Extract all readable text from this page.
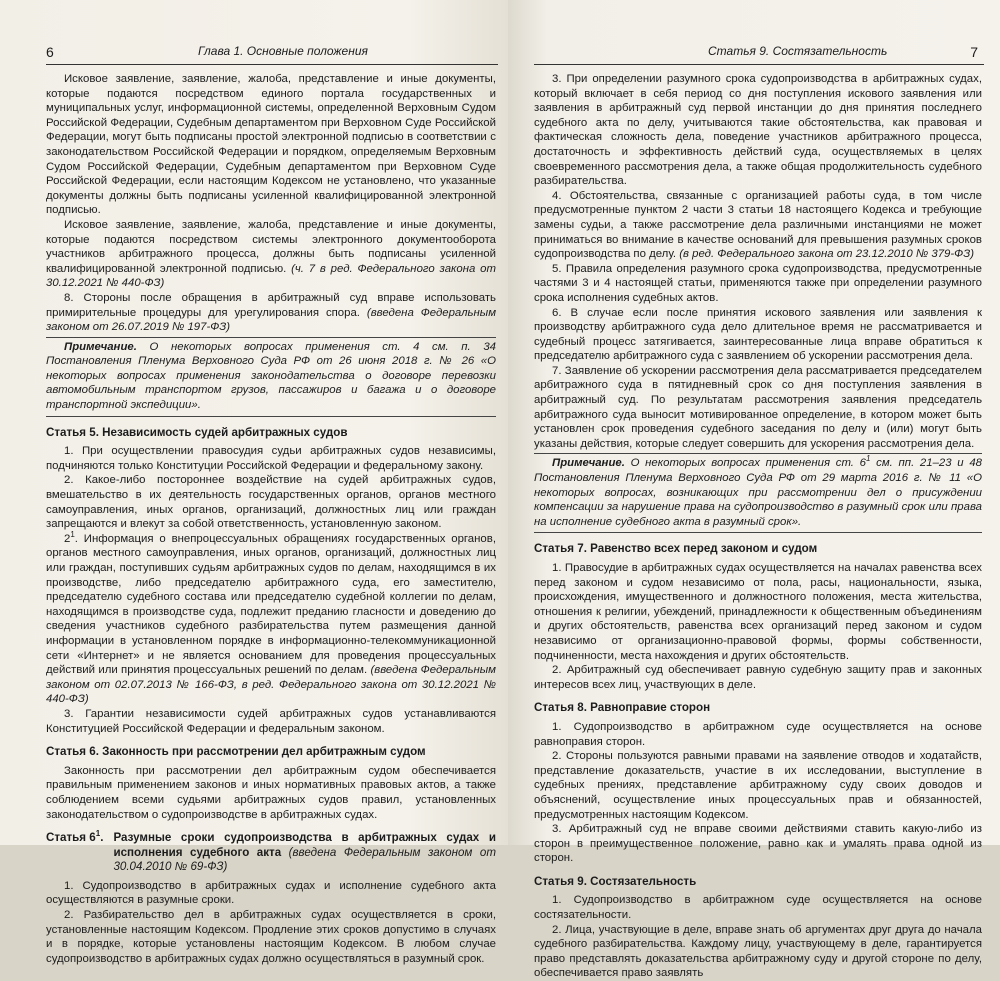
6	Глава 1. Основные положения

Исковое заявление, заявление, жалоба, представление и иные документы, которые подаются посредством единого портала государственных и муниципальных услуг, информационной системы, определенной Верховным Судом Российской Федерации, Судебным департаментом при Верховном Суде Российской Федерации, могут быть подписаны простой электронной подписью в соответствии с законодательством Российской Федерации и порядком, определяемым Верховным Судом Российской Федерации, Судебным департаментом при Верховном Суде Российской Федерации, если настоящим Кодексом не установлено, что указанные документы должны быть подписаны усиленной квалифицированной электронной подписью.

Исковое заявление, заявление, жалоба, представление и иные документы, которые подаются посредством системы электронного документооборота участников арбитражного процесса, должны быть подписаны усиленной квалифицированной электронной подписью. (ч. 7 в ред. Федерального закона от 30.12.2021 № 440-ФЗ)

8. Стороны после обращения в арбитражный суд вправе использовать примирительные процедуры для урегулирования спора. (введена Федеральным законом от 26.07.2019 № 197-ФЗ)

Примечание. О некоторых вопросах применения ст. 4 см. п. 34 Постановления Пленума Верховного Суда РФ от 26 июня 2018 г. № 26 «О некоторых вопросах применения законодательства о договоре перевозки автомобильным транспортом грузов, пассажиров и багажа и о договоре транспортной экспедиции».
Статья 5. Независимость судей арбитражных судов

1. При осуществлении правосудия судьи арбитражных судов независимы, подчиняются только Конституции Российской Федерации и федеральному закону.

2. Какое-либо постороннее воздействие на судей арбитражных судов, вмешательство в их деятельность государственных органов, органов местного самоуправления, иных органов, организаций, должностных лиц или граждан запрещаются и влекут за собой ответственность, установленную законом.

$2^1$. Информация о внепроцессуальных обращениях государственных органов, органов местного самоуправления, иных органов, организаций, должностных лиц или граждан, поступивших судьям арбитражных судов по делам, находящимся в их производстве, либо председателю арбитражного суда, его заместителю, председателю судебного состава или председателю судебной коллегии по делам, находящимся в производстве суда, подлежит преданию гласности и доведению до сведения участников судебного разбирательства путем размещения данной информации в установленном порядке в информационно-телекоммуникационной сети «Интернет» и не является основанием для проведения процессуальных действий или принятия процессуальных решений по делам. (введена Федеральным законом от 02.07.2013 № 166-ФЗ, в ред. Федерального закона от 30.12.2021 № 440-ФЗ)

3. Гарантии независимости судей арбитражных судов устанавливаются Конституцией Российской Федерации и федеральным законом.

Статья 6. Законность при рассмотрении дел арбитражным судом

Законность при рассмотрении дел арбитражным судом обеспечивается правильным применением законов и иных нормативных правовых актов, а также соблюдением всеми судьями арбитражных судов правил, установленных законодательством о судопроизводстве в арбитражных судах.

Статья $6^1$. Разумные сроки судопроизводства в арбитражных судах и исполнения судебного акта (введена Федеральным законом от 30.04.2010 № 69-ФЗ)

1. Судопроизводство в арбитражных судах и исполнение судебного акта осуществляются в разумные сроки.

2. Разбирательство дел в арбитражных судах осуществляется в сроки, установленные настоящим Кодексом. Продление этих сроков допустимо в случаях и в порядке, которые установлены настоящим Кодексом. В любом случае судопроизводство в арбитражных судах должно осуществляться в разумный срок.

Статья 9. Состязательность	7

3. При определении разумного срока судопроизводства в арбитражных судах, который включает в себя период со дня поступления искового заявления или заявления в арбитражный суд первой инстанции до дня принятия последнего судебного акта по делу, учитываются такие обстоятельства, как правовая и фактическая сложность дела, поведение участников арбитражного процесса, достаточность и эффективность действий суда, осуществляемых в целях своевременного рассмотрения дела, а также общая продолжительность судебного разбирательства.

4. Обстоятельства, связанные с организацией работы суда, в том числе предусмотренные пунктом 2 части 3 статьи 18 настоящего Кодекса и требующие замены судьи, а также рассмотрение дела различными инстанциями не может приниматься во внимание в качестве оснований для превышения разумных сроков судопроизводства по делу. (в ред. Федерального закона от 23.12.2010 № 379-ФЗ)

5. Правила определения разумного срока судопроизводства, предусмотренные частями 3 и 4 настоящей статьи, применяются также при определении разумного срока исполнения судебных актов.

6. В случае если после принятия искового заявления или заявления к производству арбитражного суда дело длительное время не рассматривается и судебный процесс затягивается, заинтересованные лица вправе обратиться к председателю арбитражного суда с заявлением об ускорении рассмотрения дела.

7. Заявление об ускорении рассмотрения дела рассматривается председателем арбитражного суда в пятидневный срок со дня поступления заявления в арбитражный суд. По результатам рассмотрения заявления председатель арбитражного суда выносит мотивированное определение, в котором может быть установлен срок проведения судебного заседания по делу и (или) могут быть указаны действия, которые следует совершить для ускорения рассмотрения дела.

Примечание. О некоторых вопросах применения ст. $6^1$ см. пп. 21–23 и 48 Постановления Пленума Верховного Суда РФ от 29 марта 2016 г. № 11 «О некоторых вопросах, возникающих при рассмотрении дел о присуждении компенсации за нарушение права на судопроизводство в разумный срок или права на исполнение судебного акта в разумный срок».
Статья 7. Равенство всех перед законом и судом

1. Правосудие в арбитражных судах осуществляется на началах равенства всех перед законом и судом независимо от пола, расы, национальности, языка, происхождения, имущественного и должностного положения, места жительства, отношения к религии, убеждений, принадлежности к общественным объединениям и других обстоятельств, равенства всех организаций перед законом и судом независимо от организационно-правовой формы, формы собственности, подчиненности, места нахождения и других обстоятельств.

2. Арбитражный суд обеспечивает равную судебную защиту прав и законных интересов всех лиц, участвующих в деле.

Статья 8. Равноправие сторон

1. Судопроизводство в арбитражном суде осуществляется на основе равноправия сторон.

2. Стороны пользуются равными правами на заявление отводов и ходатайств, представление доказательств, участие в их исследовании, выступление в судебных прениях, представление арбитражному суду своих доводов и объяснений, осуществление иных процессуальных прав и обязанностей, предусмотренных настоящим Кодексом.

3. Арбитражный суд не вправе своими действиями ставить какую-либо из сторон в преимущественное положение, равно как и умалять права одной из сторон.

Статья 9. Состязательность

1. Судопроизводство в арбитражном суде осуществляется на основе состязательности.

2. Лица, участвующие в деле, вправе знать об аргументах друг друга до начала судебного разбирательства. Каждому лицу, участвующему в деле, гарантируется право представлять доказательства арбитражному суду и другой стороне по делу, обеспечивается право заявлять
